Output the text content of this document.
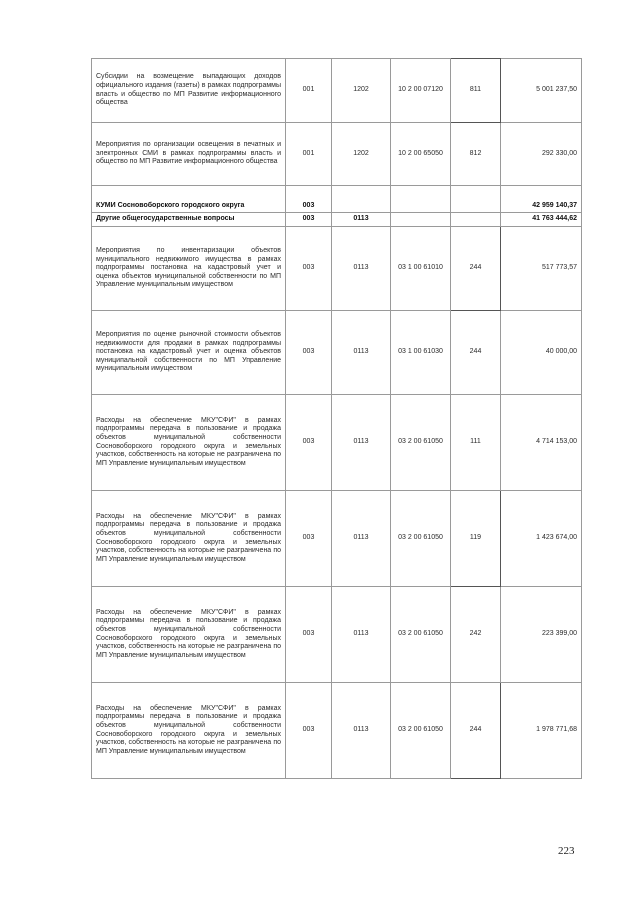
Субсидии на возмещение выпадающих доходов официального издания (газеты) в рамках подпрограммы власть и общество по МП Развитие информационного общества	001	1202	10 2 00 07120	811	5 001 237,50
Мероприятия по организации освещения в печатных и электронных СМИ в рамках подпрограммы власть и общество по МП Развитие информационного общества	001	1202	10 2 00 65050	812	292 330,00
КУМИ Сосновоборского городского округа	003				42 959 140,37
Другие общегосударственные вопросы	003	0113			41 763 444,62
Мероприятия по инвентаризации объектов муниципального недвижимого имущества в рамках подпрограммы постановка на кадастровый учет и оценка объектов муниципальной собственности по МП Управление муниципальным имуществом	003	0113	03 1 00 61010	244	517 773,57
Мероприятия по оценке рыночной стоимости объектов недвижимости для продажи в рамках подпрограммы постановка на кадастровый учет и оценка объектов муниципальной собственности по МП Управление муниципальным имуществом	003	0113	03 1 00 61030	244	40 000,00
Расходы на обеспечение МКУ"СФИ" в рамках подпрограммы передача в пользование и продажа объектов муниципальной собственности Сосновоборского городского округа и земельных участков, собственность на которые не разграничена по МП Управление муниципальным имуществом	003	0113	03 2 00 61050	111	4 714 153,00
Расходы на обеспечение МКУ"СФИ" в рамках подпрограммы передача в пользование и продажа объектов муниципальной собственности Сосновоборского городского округа и земельных участков, собственность на которые не разграничена по МП Управление муниципальным имуществом	003	0113	03 2 00 61050	119	1 423 674,00
Расходы на обеспечение МКУ"СФИ" в рамках подпрограммы передача в пользование и продажа объектов муниципальной собственности Сосновоборского городского округа и земельных участков, собственность на которые не разграничена по МП Управление муниципальным имуществом	003	0113	03 2 00 61050	242	223 399,00
Расходы на обеспечение МКУ"СФИ" в рамках подпрограммы передача в пользование и продажа объектов муниципальной собственности Сосновоборского городского округа и земельных участков, собственность на которые не разграничена по МП Управление муниципальным имуществом	003	0113	03 2 00 61050	244	1 978 771,68
223
